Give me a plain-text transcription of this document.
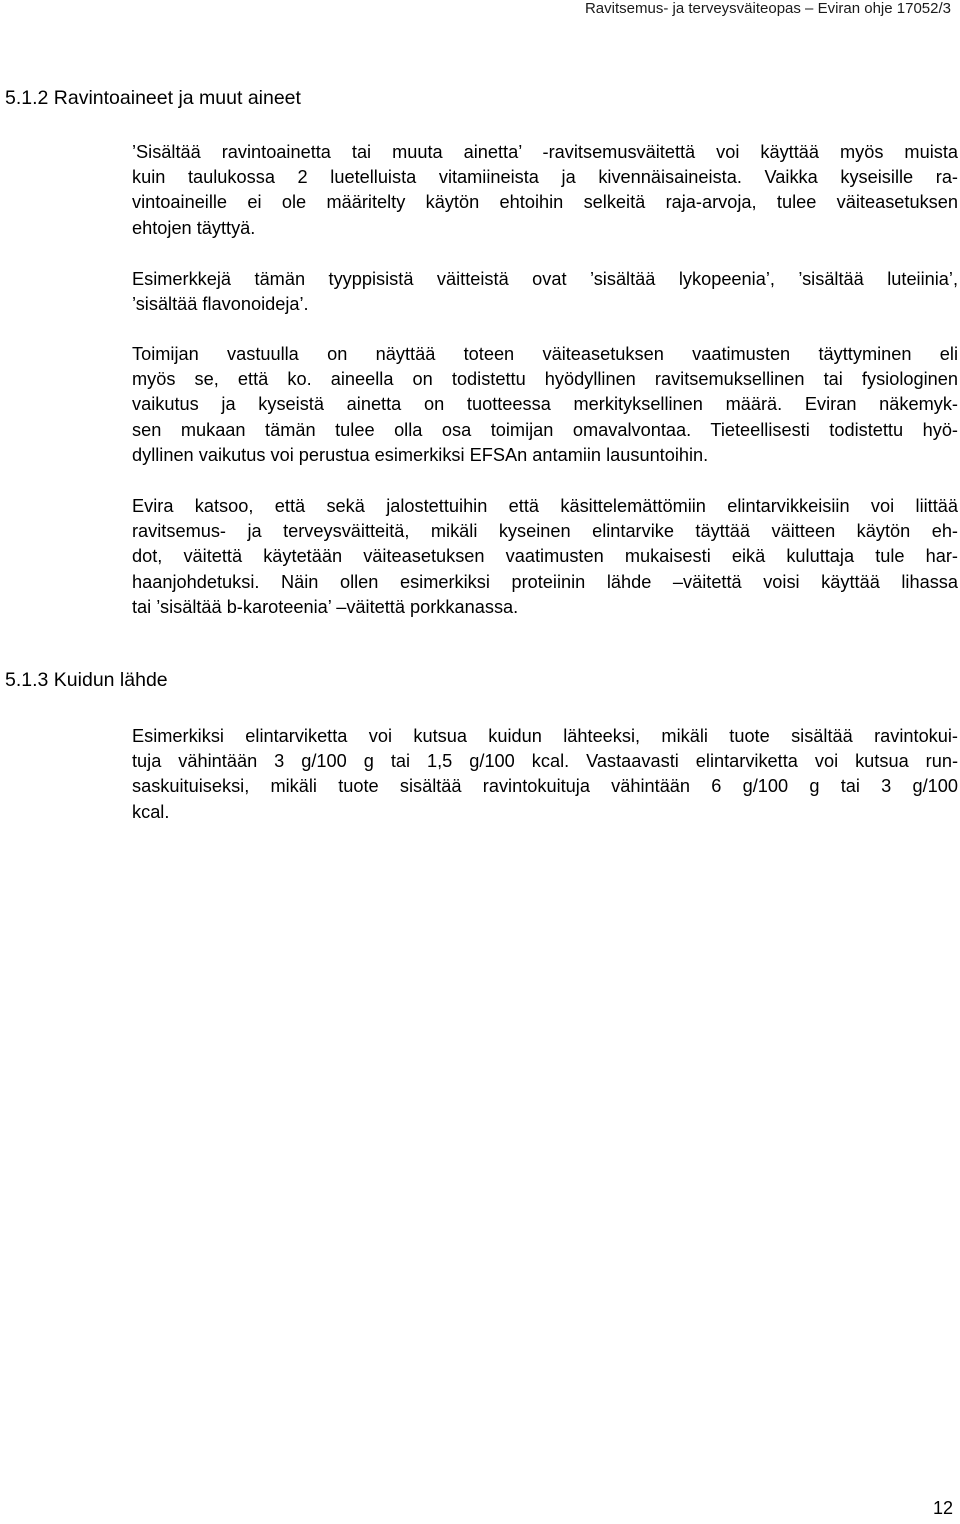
Ravitsemus- ja terveysväiteopas – Eviran ohje 17052/3
5.1.2 Ravintoaineet ja muut aineet
’Sisältää ravintoainetta tai muuta ainetta’ -ravitsemusväitettä voi käyttää myös muista
kuin taulukossa 2 luetelluista vitamiineista ja kivennäisaineista. Vaikka kyseisille ra-
vintoaineille ei ole määritelty käytön ehtoihin selkeitä raja-arvoja, tulee väiteasetuksen
ehtojen täyttyä.
Esimerkkejä tämän tyyppisistä väitteistä ovat ’sisältää lykopeenia’, ’sisältää luteiinia’,
’sisältää flavonoideja’.
Toimijan vastuulla on näyttää toteen väiteasetuksen vaatimusten täyttyminen eli
myös se, että ko. aineella on todistettu hyödyllinen ravitsemuksellinen tai fysiologinen
vaikutus ja kyseistä ainetta on tuotteessa merkityksellinen määrä. Eviran näkemyk-
sen mukaan tämän tulee olla osa toimijan omavalvontaa. Tieteellisesti todistettu hyö-
dyllinen vaikutus voi perustua esimerkiksi EFSAn antamiin lausuntoihin.
Evira katsoo, että sekä jalostettuihin että käsittelemättömiin elintarvikkeisiin voi liittää
ravitsemus- ja terveysväitteitä, mikäli kyseinen elintarvike täyttää väitteen käytön eh-
dot, väitettä käytetään väiteasetuksen vaatimusten mukaisesti eikä kuluttaja tule har-
haanjohdetuksi. Näin ollen esimerkiksi proteiinin lähde –väitettä voisi käyttää lihassa
tai ’sisältää b-karoteenia’ –väitettä porkkanassa.
5.1.3 Kuidun lähde
Esimerkiksi elintarviketta voi kutsua kuidun lähteeksi, mikäli tuote sisältää ravintokui-
tuja vähintään 3 g/100 g tai 1,5 g/100 kcal. Vastaavasti elintarviketta voi kutsua run-
saskuituiseksi, mikäli tuote sisältää ravintokuituja vähintään 6 g/100 g tai 3 g/100
kcal.
12
